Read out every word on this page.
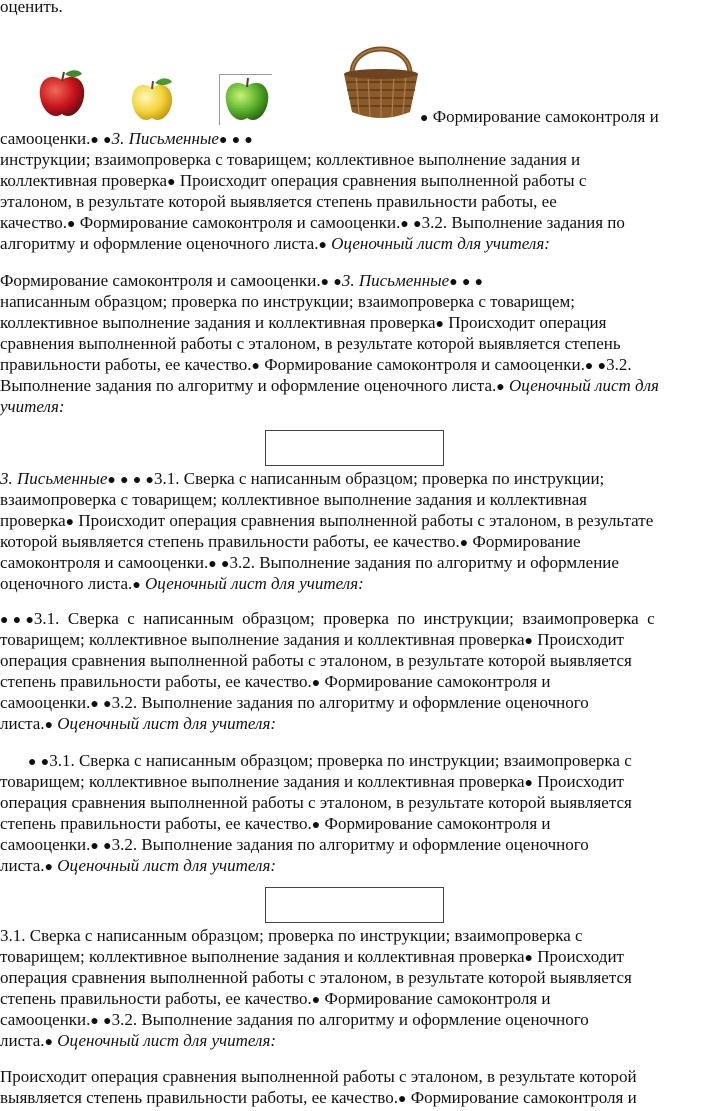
оценить.
● Формирование самоконтроля и
самооценки.● ●3. Письменные● ● ●
инструкции; взаимопроверка с товарищем; коллективное выполнение задания и
коллективная проверка● Происходит операция сравнения выполненной работы с
эталоном, в результате которой выявляется степень правильности работы, ее
качество.● Формирование самоконтроля и самооценки.● ●3.2. Выполнение задания по
алгоритму и оформление оценочного листа.● Оценочный лист для учителя:
Формирование самоконтроля и самооценки.● ●3. Письменные● ● ●
написанным образцом; проверка по инструкции; взаимопроверка с товарищем;
коллективное выполнение задания и коллективная проверка● Происходит операция
сравнения выполненной работы с эталоном, в результате которой выявляется степень
правильности работы, ее качество.● Формирование самоконтроля и самооценки.● ●3.2.
Выполнение задания по алгоритму и оформление оценочного листа.● Оценочный лист для
учителя:
3. Письменные● ● ● ●3.1. Сверка с написанным образцом; проверка по инструкции;
взаимопроверка с товарищем; коллективное выполнение задания и коллективная
проверка● Происходит операция сравнения выполненной работы с эталоном, в результате
которой выявляется степень правильности работы, ее качество.● Формирование
самоконтроля и самооценки.● ●3.2. Выполнение задания по алгоритму и оформление
оценочного листа.● Оценочный лист для учителя:
● ● ●3.1.  Сверка  с  написанным  образцом;  проверка  по  инструкции;  взаимопроверка  с
товарищем; коллективное выполнение задания и коллективная проверка● Происходит
операция сравнения выполненной работы с эталоном, в результате которой выявляется
степень правильности работы, ее качество.● Формирование самоконтроля и
самооценки.● ●3.2. Выполнение задания по алгоритму и оформление оценочного
листа.● Оценочный лист для учителя:
● ●3.1. Сверка с написанным образцом; проверка по инструкции; взаимопроверка с
товарищем; коллективное выполнение задания и коллективная проверка● Происходит
операция сравнения выполненной работы с эталоном, в результате которой выявляется
степень правильности работы, ее качество.● Формирование самоконтроля и
самооценки.● ●3.2. Выполнение задания по алгоритму и оформление оценочного
листа.● Оценочный лист для учителя:
3.1. Сверка с написанным образцом; проверка по инструкции; взаимопроверка с
товарищем; коллективное выполнение задания и коллективная проверка● Происходит
операция сравнения выполненной работы с эталоном, в результате которой выявляется
степень правильности работы, ее качество.● Формирование самоконтроля и
самооценки.● ●3.2. Выполнение задания по алгоритму и оформление оценочного
листа.● Оценочный лист для учителя:
Происходит операция сравнения выполненной работы с эталоном, в результате которой
выявляется степень правильности работы, ее качество.● Формирование самоконтроля и
